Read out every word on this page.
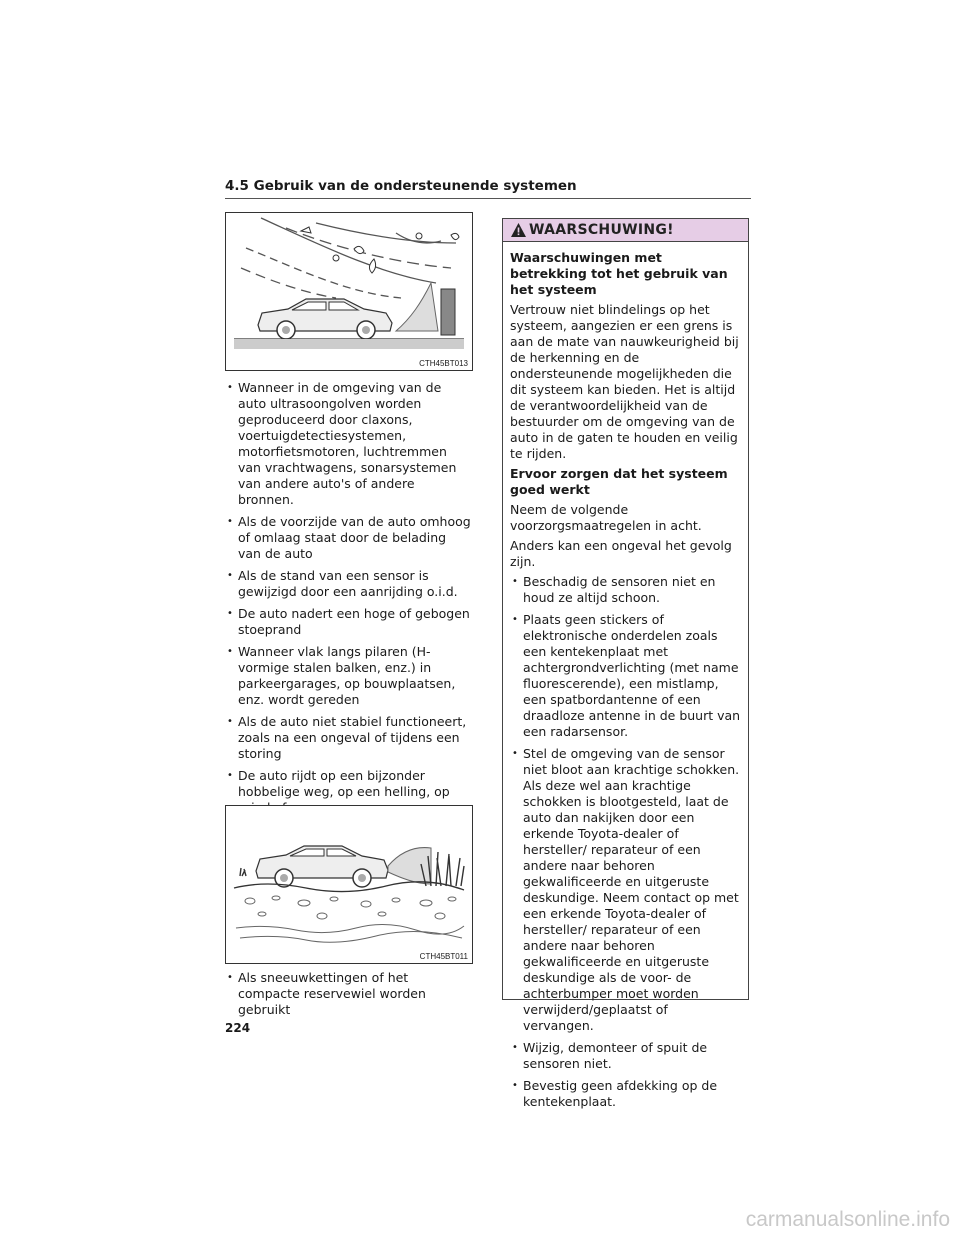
4.5 Gebruik van de ondersteunende systemen
CTH45BT013
• Wanneer in de omgeving van de auto ultrasoongolven worden geproduceerd door claxons, voertuigdetectiesystemen, motorfietsmotoren, luchtremmen van vrachtwagens, sonarsystemen van andere auto's of andere bronnen.
• Als de voorzijde van de auto omhoog of omlaag staat door de belading van de auto
• Als de stand van een sensor is gewijzigd door een aanrijding o.i.d.
• De auto nadert een hoge of gebogen stoeprand
• Wanneer vlak langs pilaren (H-vormige stalen balken, enz.) in parkeergarages, op bouwplaatsen, enz. wordt gereden
• Als de auto niet stabiel functioneert, zoals na een ongeval of tijdens een storing
• De auto rijdt op een bijzonder hobbelige weg, op een helling, op
CTH45BT011
• Als sneeuwkettingen of het compacte reservewiel worden gebruikt
WAARSCHUWING!

Waarschuwingen met betrekking tot het gebruik van het systeem

Vertrouw niet blindelings op het systeem, aangezien er een grens is aan de mate van nauwkeurigheid bij de herkenning en de ondersteunende mogelijkheden die dit systeem kan bieden. Het is altijd de verantwoordelijkheid van de bestuurder om de omgeving van de auto in de gaten te houden en veilig te rijden.

Ervoor zorgen dat het systeem goed werkt

Neem de volgende voorzorgsmaatregelen in acht.

Anders kan een ongeval het gevolg zijn.

• Beschadig de sensoren niet en houd ze altijd schoon.
• Plaats geen stickers of elektronische onderdelen zoals een kentekenplaat met achtergrondverlichting (met name fluorescerende), een mistlamp, een spatbordantenne of een draadloze antenne in de buurt van een radarsensor.
• Stel de omgeving van de sensor niet bloot aan krachtige schokken. Als deze wel aan krachtige schokken is blootgesteld, laat de auto dan nakijken door een erkende Toyota-dealer of hersteller/ reparateur of een andere naar behoren gekwalificeerde en uitgeruste deskundige. Neem contact op met een erkende Toyota-dealer of hersteller/ reparateur of een andere naar behoren gekwalificeerde en uitgeruste deskundige als de voor- de achterbumper moet worden verwijderd/geplaatst of vervangen.
• Wijzig, demonteer of spuit de sensoren niet.
• Bevestig geen afdekking op de kentekenplaat.
224
carmanualsonline.info
